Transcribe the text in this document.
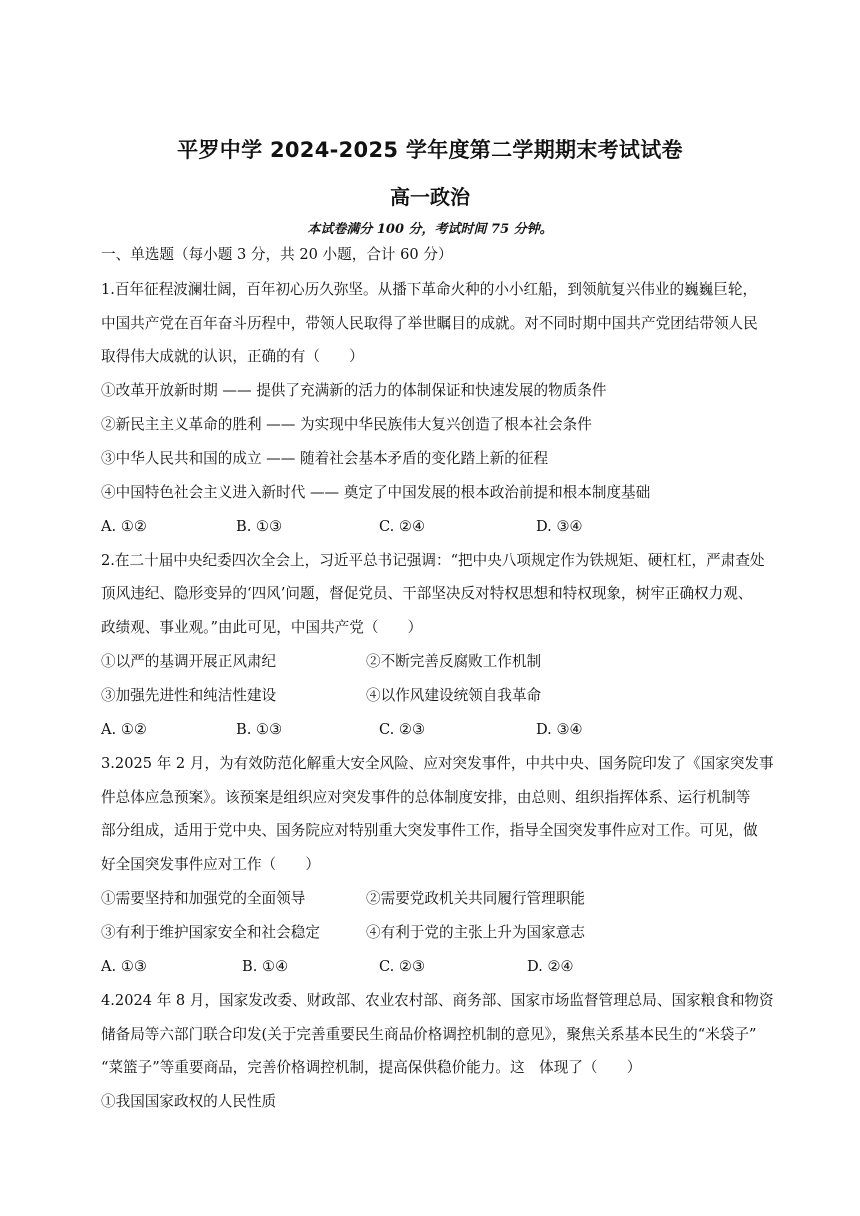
平罗中学 2024-2025 学年度第二学期期末考试试卷
高一政治
本试卷满分 100 分，考试时间 75 分钟。
一、单选题（每小题 3 分，共 20 小题，合计 60 分）
1.百年征程波澜壮阔，百年初心历久弥坚。从播下革命火种的小小红船，到领航复兴伟业的巍巍巨轮，
中国共产党在百年奋斗历程中，带领人民取得了举世瞩目的成就。对不同时期中国共产党团结带领人民
取得伟大成就的认识，正确的有（　　）
①改革开放新时期 —— 提供了充满新的活力的体制保证和快速发展的物质条件
②新民主主义革命的胜利 —— 为实现中华民族伟大复兴创造了根本社会条件
③中华人民共和国的成立 —— 随着社会基本矛盾的变化踏上新的征程
④中国特色社会主义进入新时代 —— 奠定了中国发展的根本政治前提和根本制度基础
A. ①②	B. ①③	C. ②④	D. ③④
2.在二十届中央纪委四次全会上，习近平总书记强调：“把中央八项规定作为铁规矩、硬杠杠，严肃查处
顶风违纪、隐形变异的‘四风’问题，督促党员、干部坚决反对特权思想和特权现象，树牢正确权力观、
政绩观、事业观。”由此可见，中国共产党（　　）
①以严的基调开展正风肃纪	②不断完善反腐败工作机制
③加强先进性和纯洁性建设	④以作风建设统领自我革命
A. ①②	B. ①③	C. ②③	D. ③④
3.2025 年 2 月，为有效防范化解重大安全风险、应对突发事件，中共中央、国务院印发了《国家突发事
件总体应急预案》。该预案是组织应对突发事件的总体制度安排，由总则、组织指挥体系、运行机制等
部分组成，适用于党中央、国务院应对特别重大突发事件工作，指导全国突发事件应对工作。可见，做
好全国突发事件应对工作（　　）
①需要坚持和加强党的全面领导	②需要党政机关共同履行管理职能
③有利于维护国家安全和社会稳定	④有利于党的主张上升为国家意志
A. ①③	B. ①④	C. ②③	D. ②④
4.2024 年 8 月，国家发改委、财政部、农业农村部、商务部、国家市场监督管理总局、国家粮食和物资
储备局等六部门联合印发(关于完善重要民生商品价格调控机制的意见》，聚焦关系基本民生的“米袋子”
“菜篮子”等重要商品，完善价格调控机制，提高保供稳价能力。这　体现了（　　）
①我国国家政权的人民性质
